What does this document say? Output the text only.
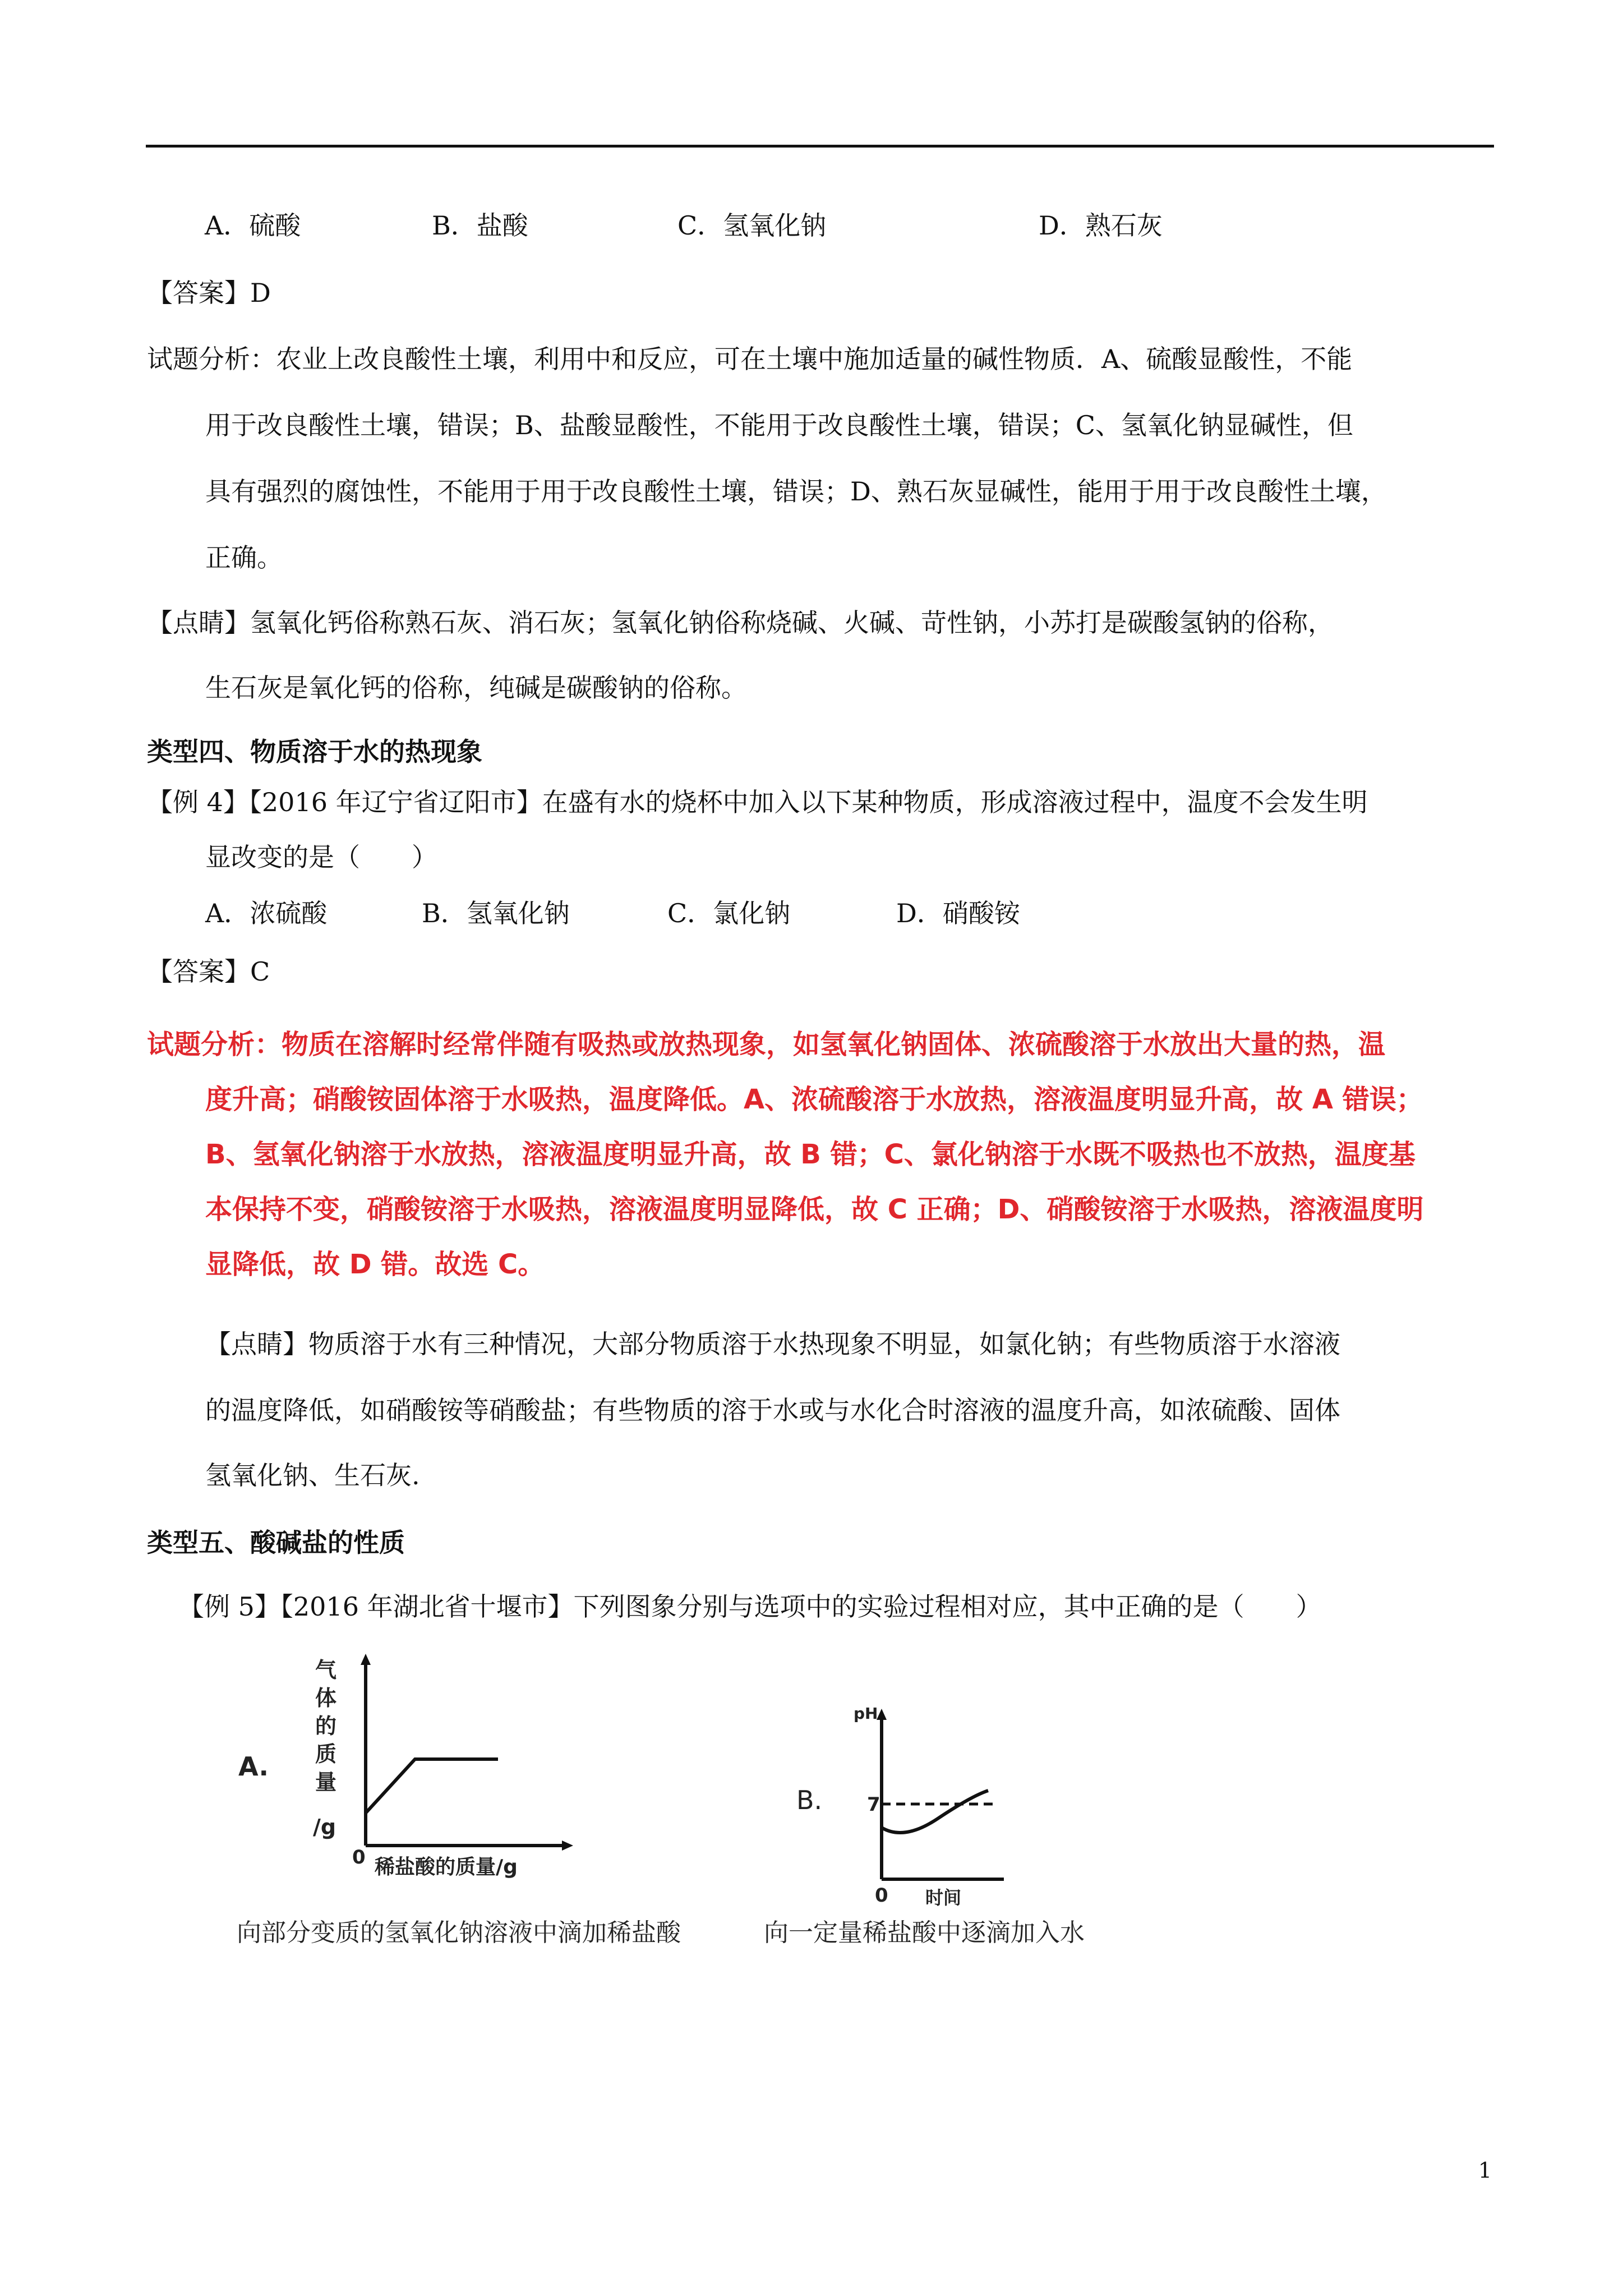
A．硫酸	B．盐酸	C．氢氧化钠	D．熟石灰
【答案】D
试题分析：农业上改良酸性土壤，利用中和反应，可在土壤中施加适量的碱性物质．A、硫酸显酸性，不能
用于改良酸性土壤，错误；B、盐酸显酸性，不能用于改良酸性土壤，错误；C、氢氧化钠显碱性，但
具有强烈的腐蚀性，不能用于用于改良酸性土壤，错误；D、熟石灰显碱性，能用于用于改良酸性土壤，
正确。
【点睛】氢氧化钙俗称熟石灰、消石灰；氢氧化钠俗称烧碱、火碱、苛性钠，小苏打是碳酸氢钠的俗称，
生石灰是氧化钙的俗称，纯碱是碳酸钠的俗称。
类型四、物质溶于水的热现象
【例 4】【2016 年辽宁省辽阳市】在盛有水的烧杯中加入以下某种物质，形成溶液过程中，温度不会发生明
显改变的是（　　）
A．浓硫酸	B．氢氧化钠	C．氯化钠	D．硝酸铵
【答案】C
试题分析：物质在溶解时经常伴随有吸热或放热现象，如氢氧化钠固体、浓硫酸溶于水放出大量的热，温
度升高；硝酸铵固体溶于水吸热，温度降低。A、浓硫酸溶于水放热，溶液温度明显升高，故 A 错误；
B、氢氧化钠溶于水放热，溶液温度明显升高，故 B 错；C、氯化钠溶于水既不吸热也不放热，温度基
本保持不变，硝酸铵溶于水吸热，溶液温度明显降低，故 C 正确；D、硝酸铵溶于水吸热，溶液温度明
显降低，故 D 错。故选 C。
【点睛】物质溶于水有三种情况，大部分物质溶于水热现象不明显，如氯化钠；有些物质溶于水溶液
的温度降低，如硝酸铵等硝酸盐；有些物质的溶于水或与水化合时溶液的温度升高，如浓硫酸、固体
氢氧化钠、生石灰.
类型五、酸碱盐的性质
【例 5】【2016 年湖北省十堰市】下列图象分别与选项中的实验过程相对应，其中正确的是（　　）
A.
气
体
的
质
量
/g
0 稀盐酸的质量/g
B.
pH
7
0 时间
向部分变质的氢氧化钠溶液中滴加稀盐酸	向一定量稀盐酸中逐滴加入水
1
